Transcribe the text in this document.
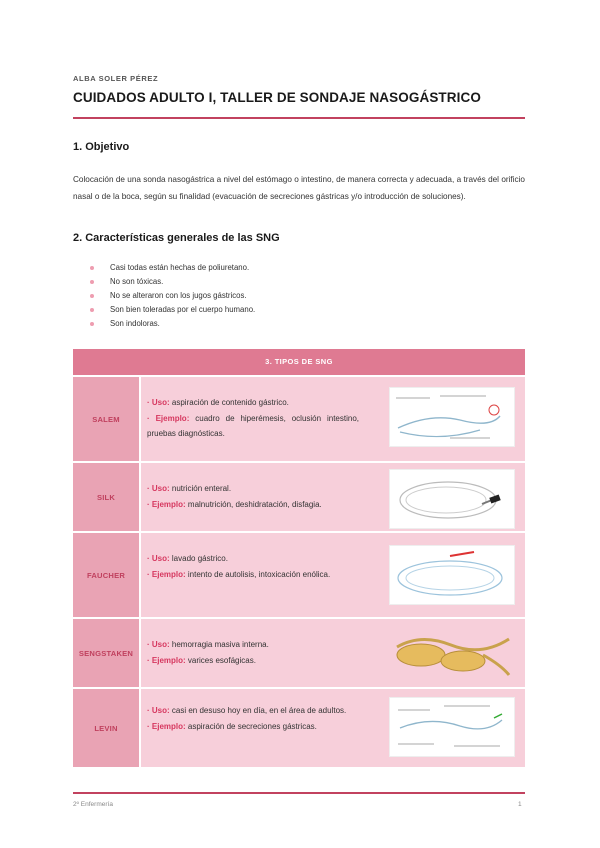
ALBA SOLER PÉREZ
CUIDADOS ADULTO I, TALLER DE SONDAJE NASOGÁSTRICO
1. Objetivo

Colocación de una sonda nasogástrica a nivel del estómago o intestino, de manera correcta y adecuada, a través del orificio nasal o de la boca, según su finalidad (evacuación de secreciones gástricas y/o introducción de soluciones).

2. Características generales de las SNG
Casi todas están hechas de poliuretano.
No son tóxicas.
No se alteraron con los jugos gástricos.
Son bien toleradas por el cuerpo humano.
Son indoloras.
3. TIPOS DE SNG
SALEM
· Uso: aspiración de contenido gástrico.
· Ejemplo: cuadro de hiperémesis, oclusión intestino, pruebas diagnósticas.
SILK
· Uso: nutrición enteral.
· Ejemplo: malnutrición, deshidratación, disfagia.
FAUCHER
· Uso: lavado gástrico.
· Ejemplo: intento de autolisis, intoxicación enólica.
SENGSTAKEN
· Uso: hemorragia masiva interna.
· Ejemplo: varices esofágicas.
LEVIN
· Uso: casi en desuso hoy en día, en el área de adultos.
· Ejemplo: aspiración de secreciones gástricas.
2º Enfermería	1
